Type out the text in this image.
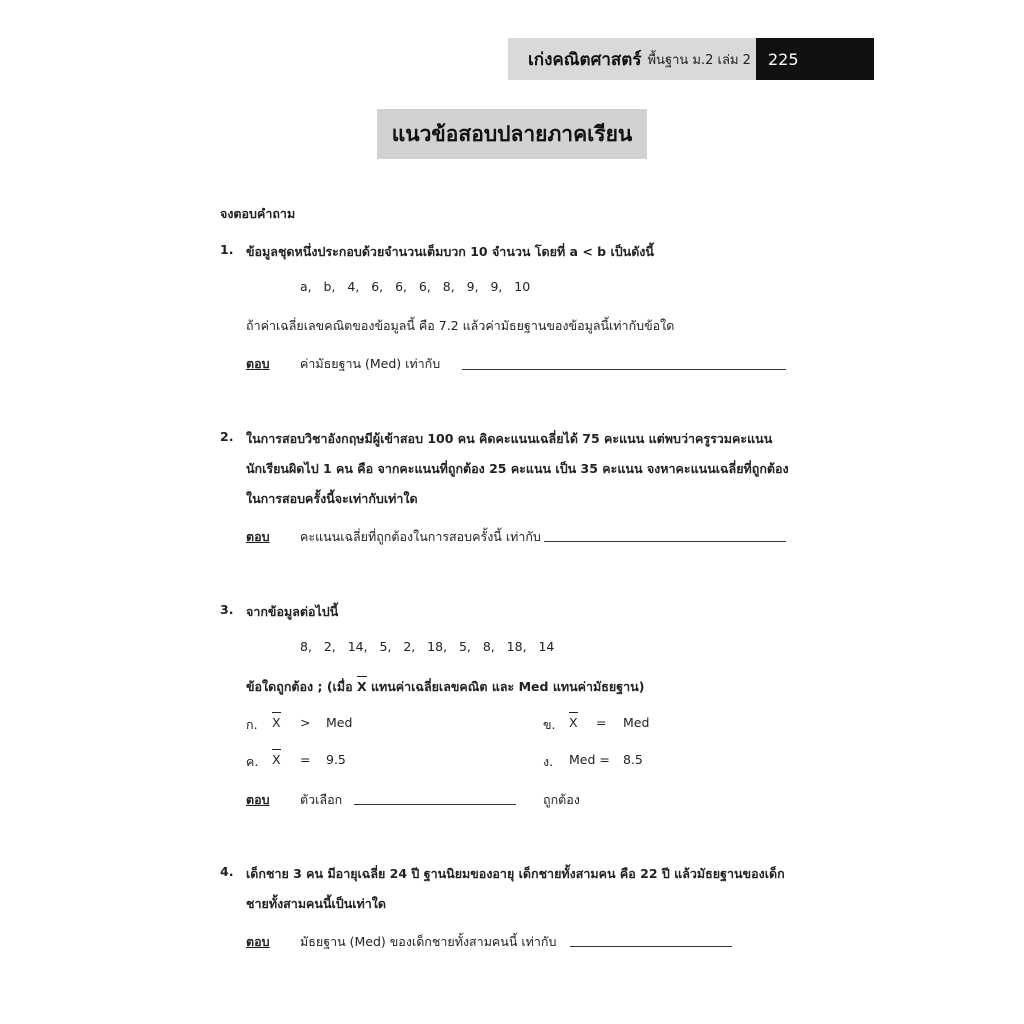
เก่งคณิตศาสตร์ พื้นฐาน ม.2 เล่ม 2	225
แนวข้อสอบปลายภาคเรียน
จงตอบคำถาม
1. ข้อมูลชุดหนึ่งประกอบด้วยจำนวนเต็มบวก 10 จำนวน โดยที่ a < b เป็นดังนี้
a,   b,   4,   6,   6,   6,   8,   9,   9,   10
ถ้าค่าเฉลี่ยเลขคณิตของข้อมูลนี้ คือ 7.2 แล้วค่ามัธยฐานของข้อมูลนี้เท่ากับข้อใด
ตอบ ค่ามัธยฐาน (Med) เท่ากับ
2. ในการสอบวิชาอังกฤษมีผู้เข้าสอบ 100 คน คิดคะแนนเฉลี่ยได้ 75 คะแนน แต่พบว่าครูรวมคะแนน
นักเรียนผิดไป 1 คน คือ จากคะแนนที่ถูกต้อง 25 คะแนน เป็น 35 คะแนน จงหาคะแนนเฉลี่ยที่ถูกต้อง
ในการสอบครั้งนี้จะเท่ากับเท่าใด
ตอบ คะแนนเฉลี่ยที่ถูกต้องในการสอบครั้งนี้ เท่ากับ
3. จากข้อมูลต่อไปนี้
8,   2,   14,   5,   2,   18,   5,   8,   18,   14
ข้อใดถูกต้อง ; (เมื่อ X แทนค่าเฉลี่ยเลขคณิต และ Med แทนค่ามัธยฐาน)
ก. X > Med	ข. X = Med
ค. X = 9.5	ง. Med = 8.5
ตอบ ตัวเลือก	ถูกต้อง
4. เด็กชาย 3 คน มีอายุเฉลี่ย 24 ปี ฐานนิยมของอายุ เด็กชายทั้งสามคน คือ 22 ปี แล้วมัธยฐานของเด็ก
ชายทั้งสามคนนี้เป็นเท่าใด
ตอบ มัธยฐาน (Med) ของเด็กชายทั้งสามคนนี้ เท่ากับ
